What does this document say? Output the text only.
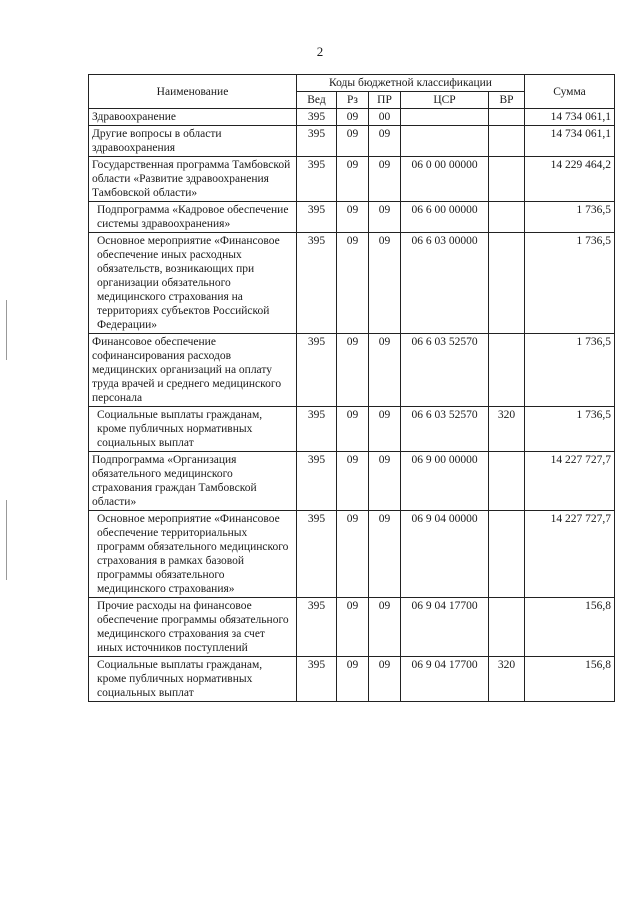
2
Наименование	Коды бюджетной классификации					Сумма
	Вед	Рз	ПР	ЦСР	ВР	
Здравоохранение	395	09	00			14 734 061,1
Другие вопросы в области здравоохранения	395	09	09			14 734 061,1
Государственная программа Тамбовской области «Развитие здравоохранения Тамбовской области»	395	09	09	06 0 00 00000		14 229 464,2
Подпрограмма «Кадровое обеспечение системы здравоохранения»	395	09	09	06 6 00 00000		1 736,5
Основное мероприятие «Финансовое обеспечение иных расходных обязательств, возникающих при организации обязательного медицинского страхования на территориях субъектов Российской Федерации»	395	09	09	06 6 03 00000		1 736,5
Финансовое обеспечение софинансирования расходов медицинских организаций на оплату труда врачей и среднего медицинского персонала	395	09	09	06 6 03 52570		1 736,5
Социальные выплаты гражданам, кроме публичных нормативных социальных выплат	395	09	09	06 6 03 52570	320	1 736,5
Подпрограмма «Организация обязательного медицинского страхования граждан Тамбовской области»	395	09	09	06 9 00 00000		14 227 727,7
Основное мероприятие «Финансовое обеспечение территориальных программ обязательного медицинского страхования в рамках базовой программы обязательного медицинского страхования»	395	09	09	06 9 04 00000		14 227 727,7
Прочие расходы на финансовое обеспечение программы обязательного медицинского страхования за счет иных источников поступлений	395	09	09	06 9 04 17700		156,8
Социальные выплаты гражданам, кроме публичных нормативных социальных выплат	395	09	09	06 9 04 17700	320	156,8
